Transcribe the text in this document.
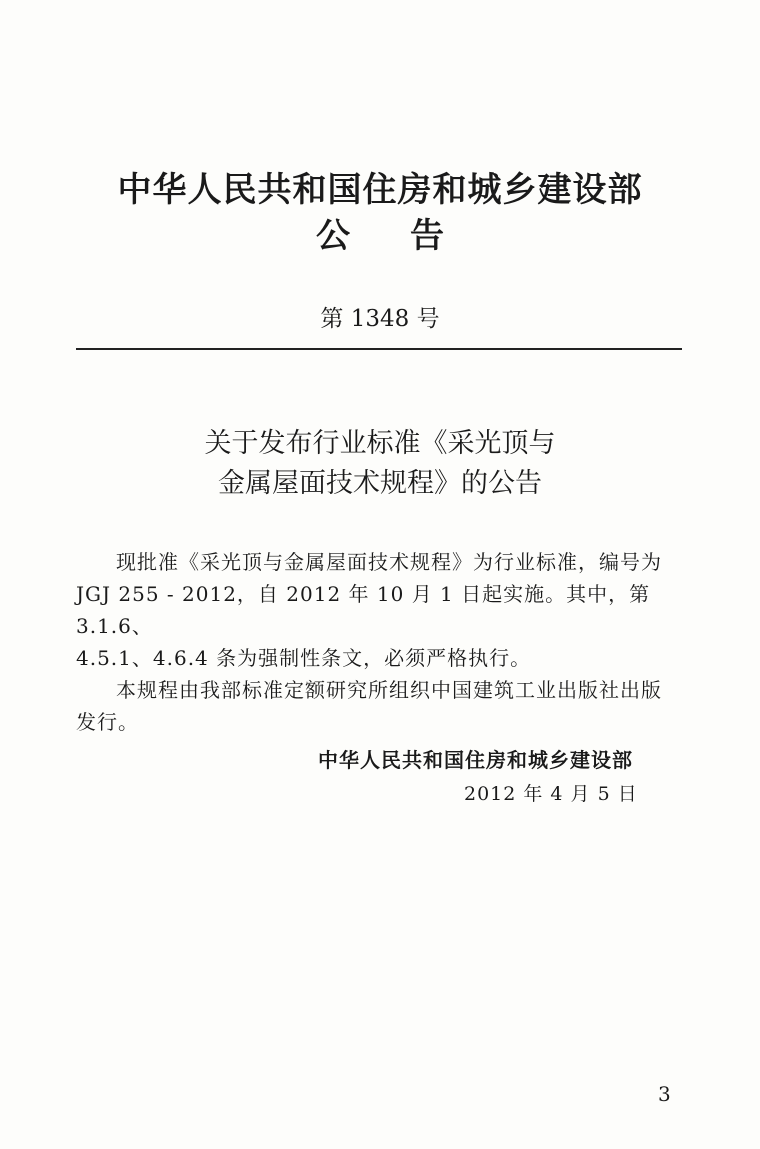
中华人民共和国住房和城乡建设部
公告
第 1348 号
关于发布行业标准《采光顶与
金属屋面技术规程》的公告
现批准《采光顶与金属屋面技术规程》为行业标准，编号为
JGJ 255 - 2012，自 2012 年 10 月 1 日起实施。其中，第 3.1.6、
4.5.1、4.6.4 条为强制性条文，必须严格执行。
本规程由我部标准定额研究所组织中国建筑工业出版社出版
发行。
中华人民共和国住房和城乡建设部
2012 年 4 月 5 日
3
